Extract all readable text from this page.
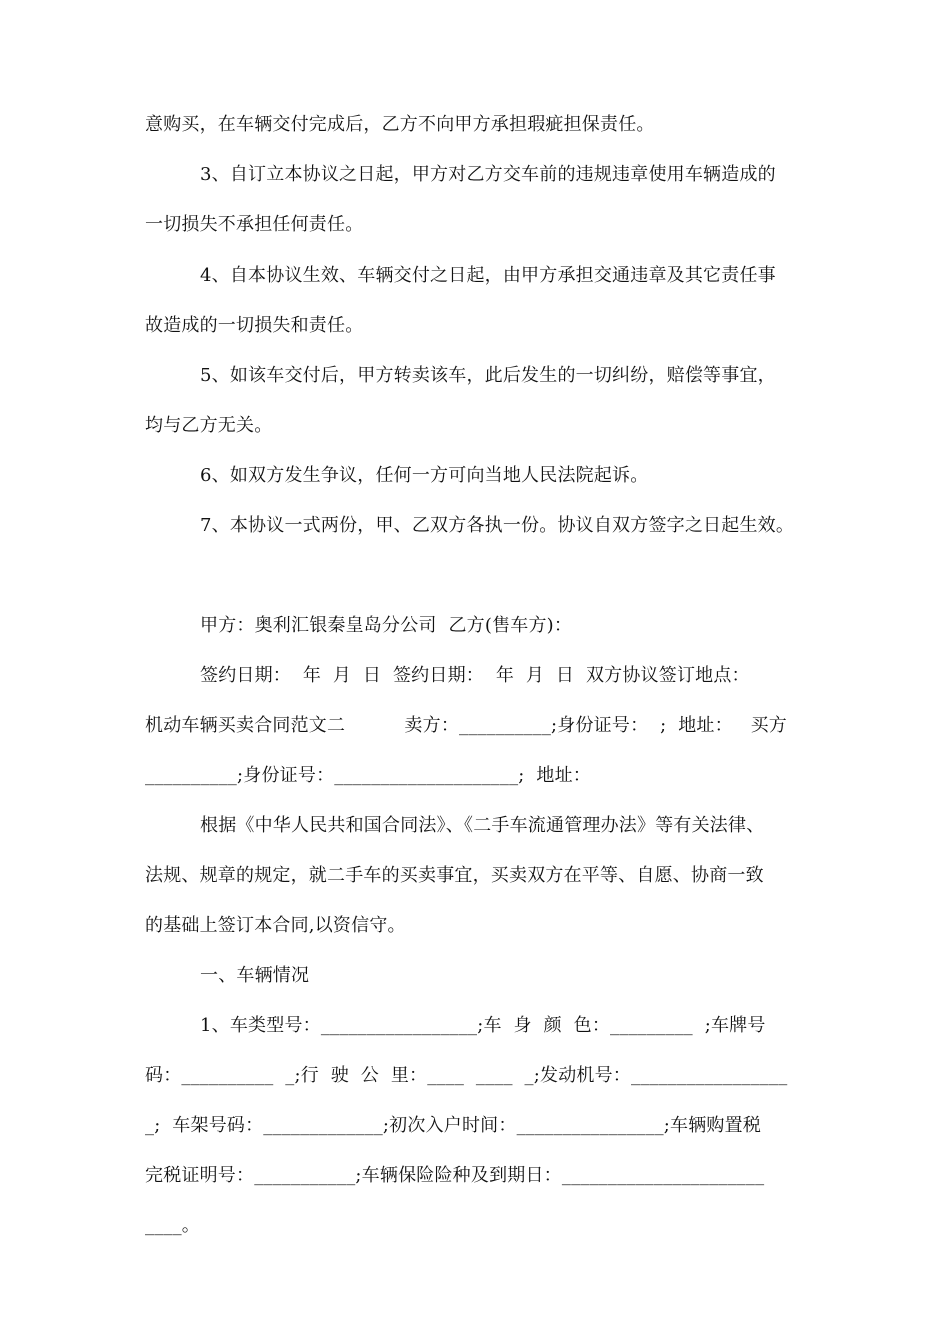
意购买，在车辆交付完成后，乙方不向甲方承担瑕疵担保责任。
3、自订立本协议之日起，甲方对乙方交车前的违规违章使用车辆造成的
一切损失不承担任何责任。
4、自本协议生效、车辆交付之日起，由甲方承担交通违章及其它责任事
故造成的一切损失和责任。
5、如该车交付后，甲方转卖该车，此后发生的一切纠纷，赔偿等事宜，
均与乙方无关。
6、如双方发生争议，任何一方可向当地人民法院起诉。
7、本协议一式两份，甲、乙双方各执一份。协议自双方签字之日起生效。
甲方：奥利汇银秦皇岛分公司  乙方(售车方)：
签约日期：  年  月  日  签约日期：  年  月  日  双方协议签订地点：
机动车辆买卖合同范文二          卖方：__________;身份证号：  ;  地址：   买方
__________;身份证号：____________________;  地址：
根据《中华人民共和国合同法》、《二手车流通管理办法》等有关法律、
法规、规章的规定，就二手车的买卖事宜，买卖双方在平等、自愿、协商一致
的基础上签订本合同,以资信守。
一、车辆情况
1、车类型号：_________________;车  身  颜  色：_________  ;车牌号
码：__________  _;行  驶  公  里：____  ____  _;发动机号：_________________
_;  车架号码：_____________;初次入户时间：________________;车辆购置税
完税证明号：___________;车辆保险险种及到期日：______________________
____。
